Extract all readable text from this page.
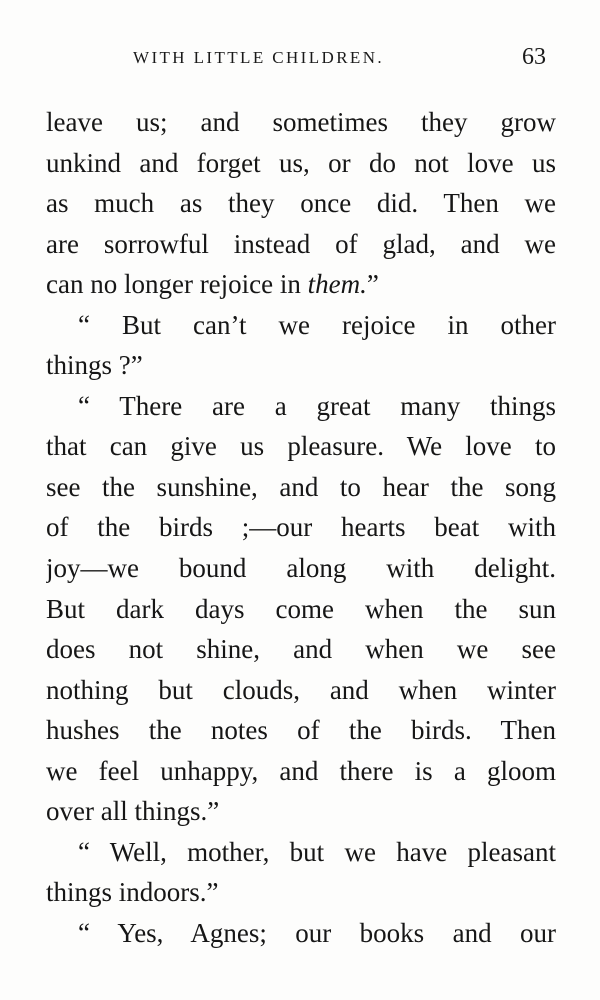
WITH LITTLE CHILDREN.	63
leave us; and sometimes they grow
unkind and forget us, or do not love us
as much as they once did. Then we
are sorrowful instead of glad, and we
can no longer rejoice in them.”
“ But can’t we rejoice in other
things ?”
“ There are a great many things
that can give us pleasure. We love to
see the sunshine, and to hear the song
of the birds ;—our hearts beat with
joy—we bound along with delight.
But dark days come when the sun
does not shine, and when we see
nothing but clouds, and when winter
hushes the notes of the birds. Then
we feel unhappy, and there is a gloom
over all things.”
“ Well, mother, but we have pleasant
things indoors.”
“ Yes, Agnes; our books and our
